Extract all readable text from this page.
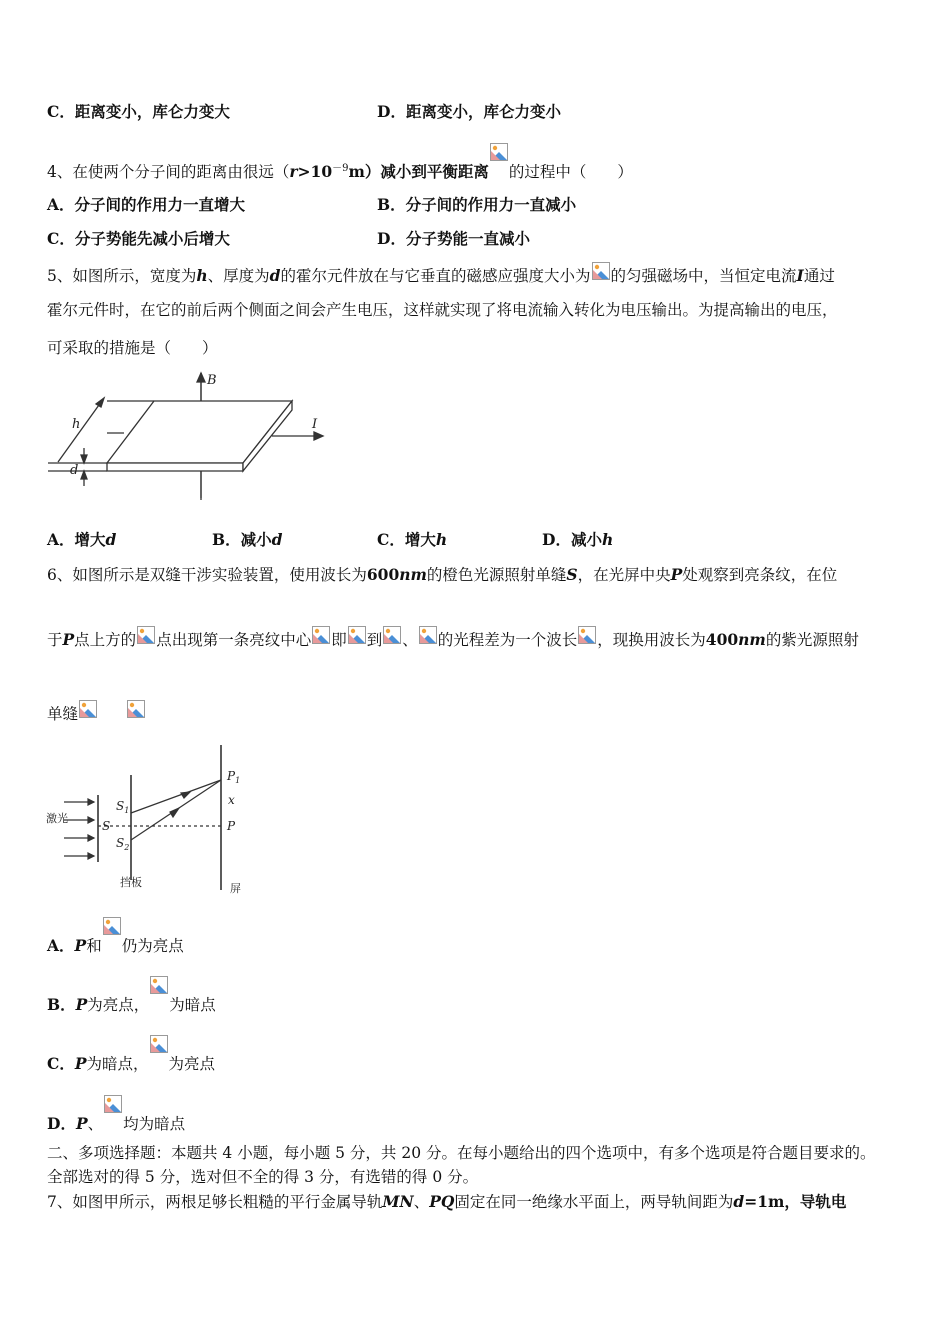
C．距离变小，库仑力变大	D．距离变小，库仑力变小
4、在使两个分子间的距离由很远$(r>10^{-9}m)$减小到平衡距离 的过程中（　　）
A．分子间的作用力一直增大	B．分子间的作用力一直减小
C．分子势能先减小后增大	D．分子势能一直减小
5、如图所示，宽度为h、厚度为d的霍尔元件放在与它垂直的磁感应强度大小为 的匀强磁场中，当恒定电流I通过
霍尔元件时，在它的前后两个侧面之间会产生电压，这样就实现了将电流输入转化为电压输出。为提高输出的电压，
可采取的措施是（　　）
B
I
h
d
A．增大d	B．减小d	C．增大h	D．减小h
6、如图所示是双缝干涉实验装置，使用波长为600nm的橙色光源照射单缝S，在光屏中央P处观察到亮条纹，在位
于P点上方的 点出现第一条亮纹中心 即 到 、 的光程差为一个波长 ，现换用波长为400nm的紫光源照射
单缝
激光
S
$S_1$
$S_2$
$P_1$
x
P
挡板	屏
A．P和 仍为亮点
B．P为亮点， 为暗点
C．P为暗点， 为亮点
D．P、 均为暗点
二、多项选择题：本题共 4 小题，每小题 5 分，共 20 分。在每小题给出的四个选项中，有多个选项是符合题目要求的。
全部选对的得 5 分，选对但不全的得 3 分，有选错的得 0 分。
7、如图甲所示，两根足够长粗糙的平行金属导轨MN、PQ固定在同一绝缘水平面上，两导轨间距为d=1m，导轨电
